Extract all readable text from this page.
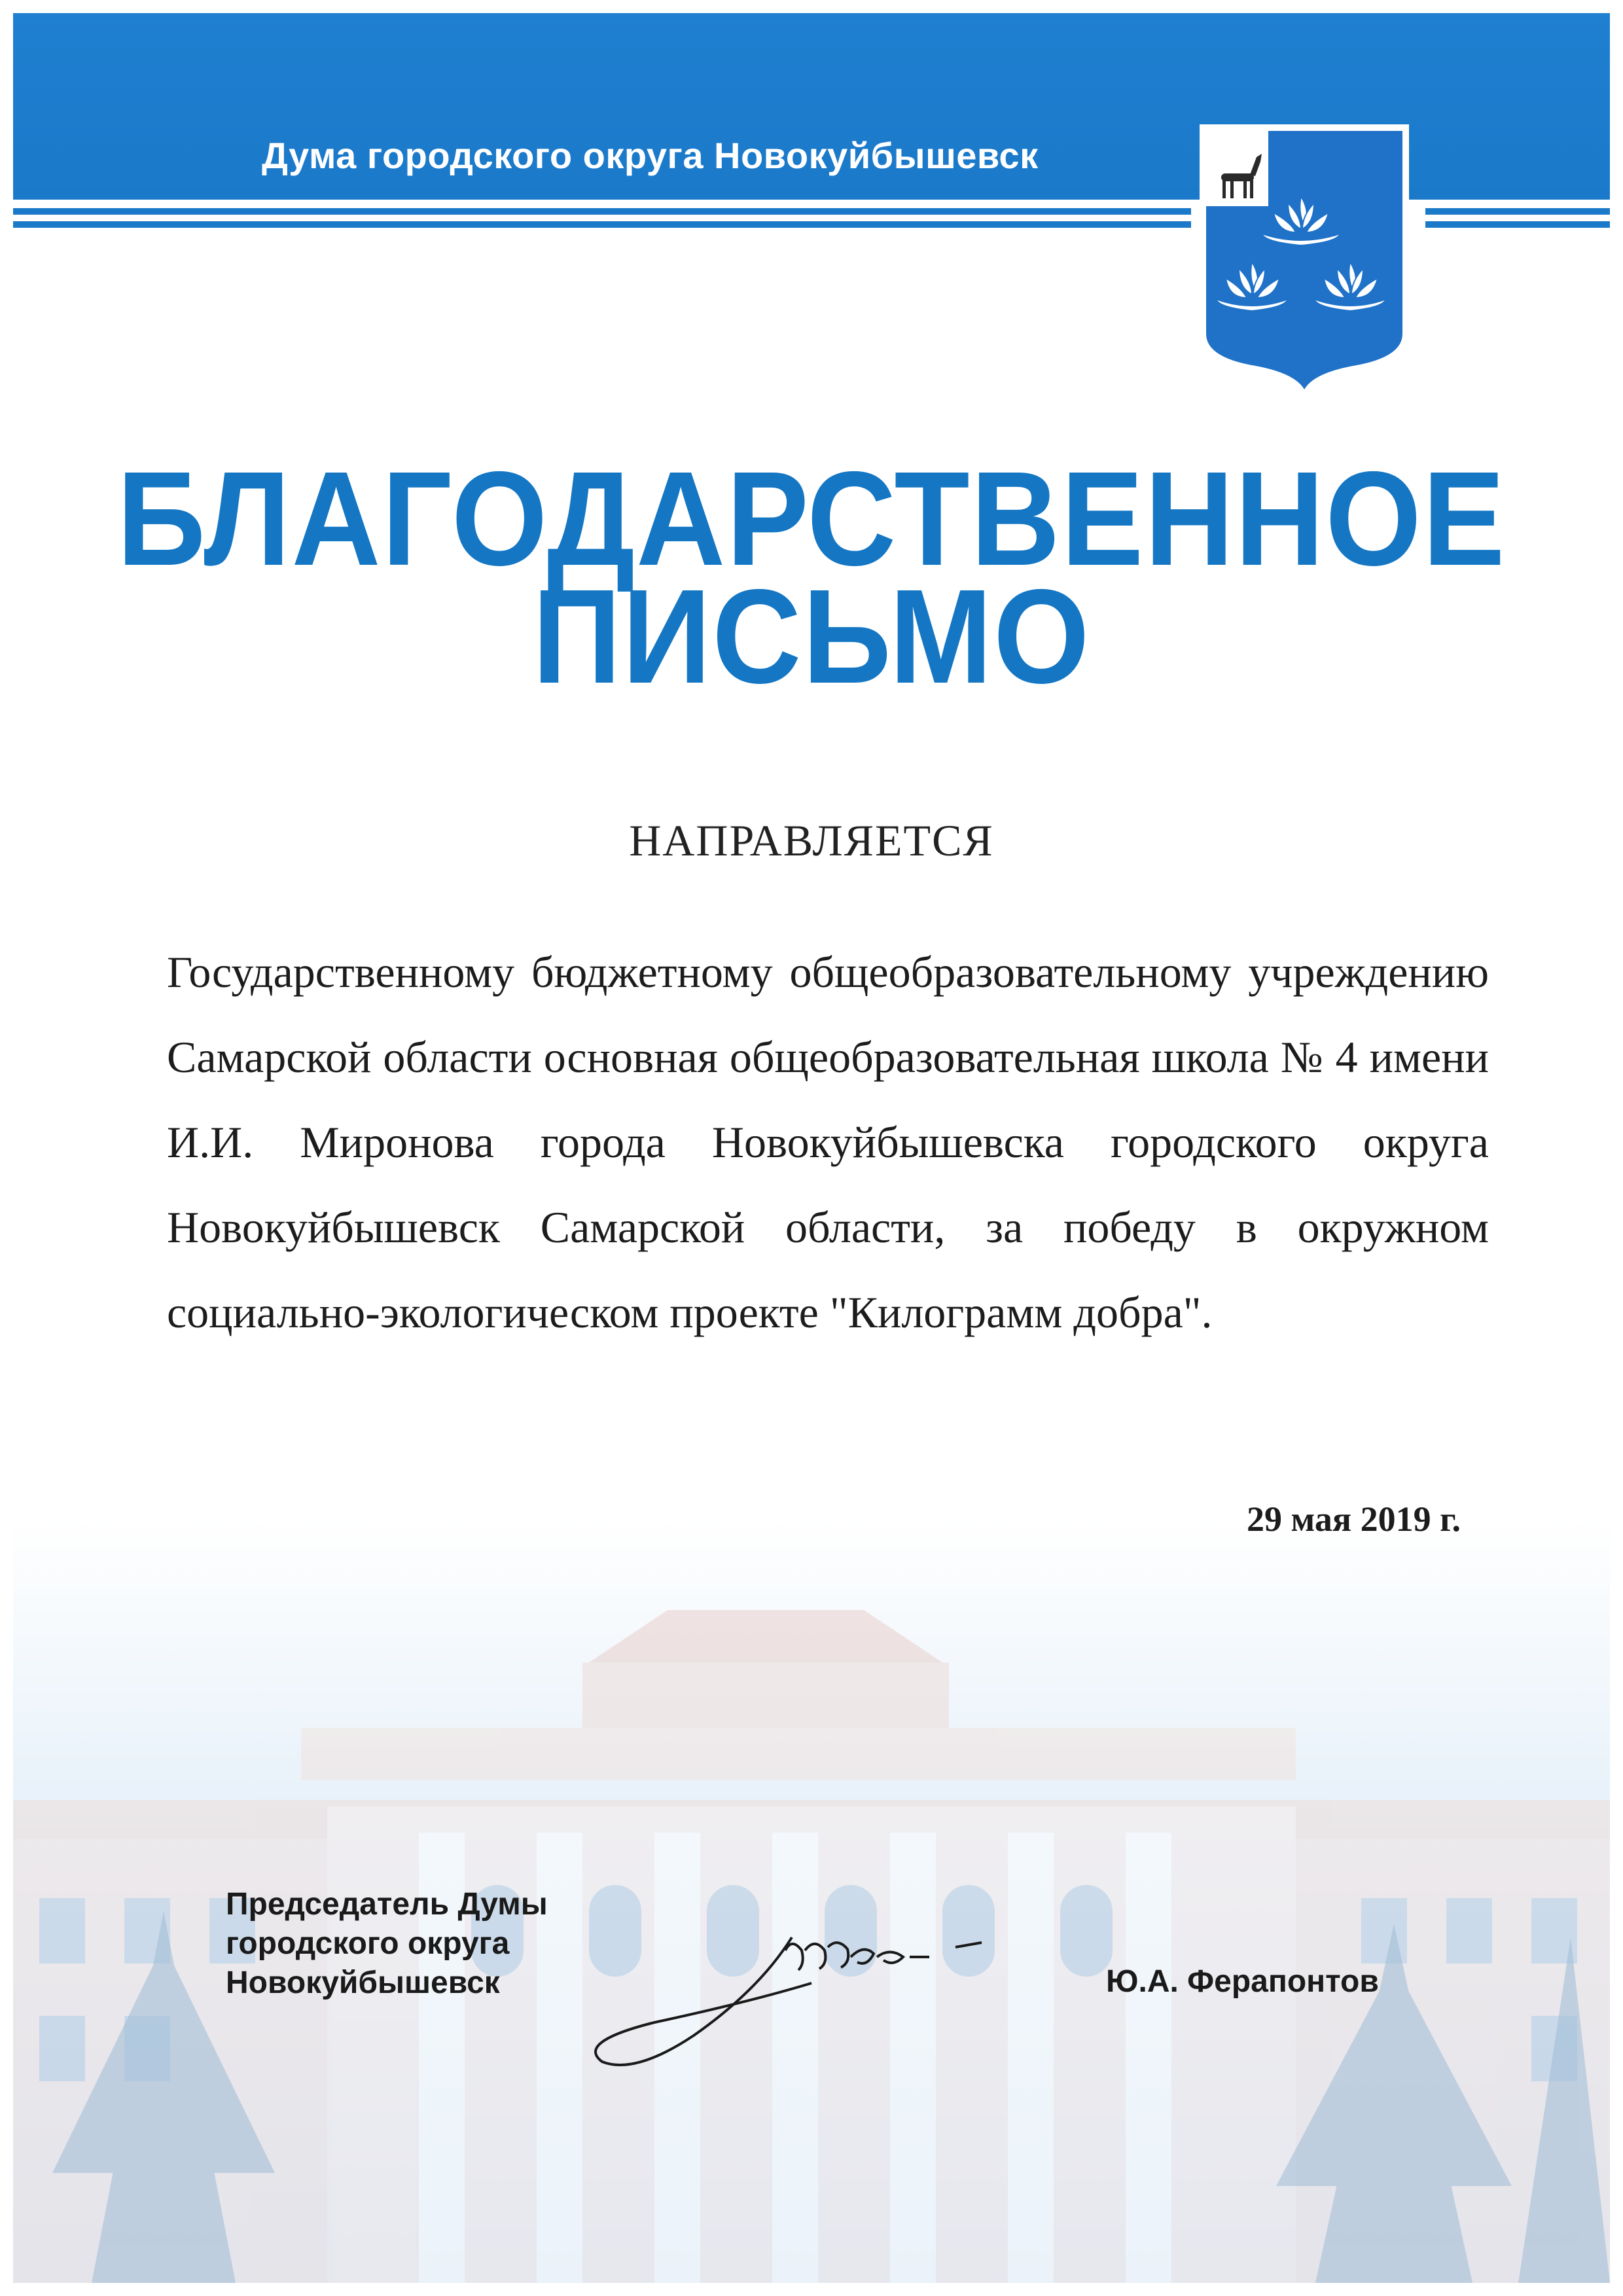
Дума городского округа Новокуйбышевск
БЛАГОДАРСТВЕННОЕ
ПИСЬМО
НАПРАВЛЯЕТСЯ
Государственному бюджетному общеобразовательному учреждению Самарской области основная общеобразовательная школа № 4 имени И.И. Миронова города Новокуйбышевска городского округа Новокуйбышевск Самарской области, за победу в окружном социально-экологическом проекте "Килограмм добра".
29 мая 2019 г.
Председатель Думы
городского округа
Новокуйбышевск	Ю.А. Ферапонтов
